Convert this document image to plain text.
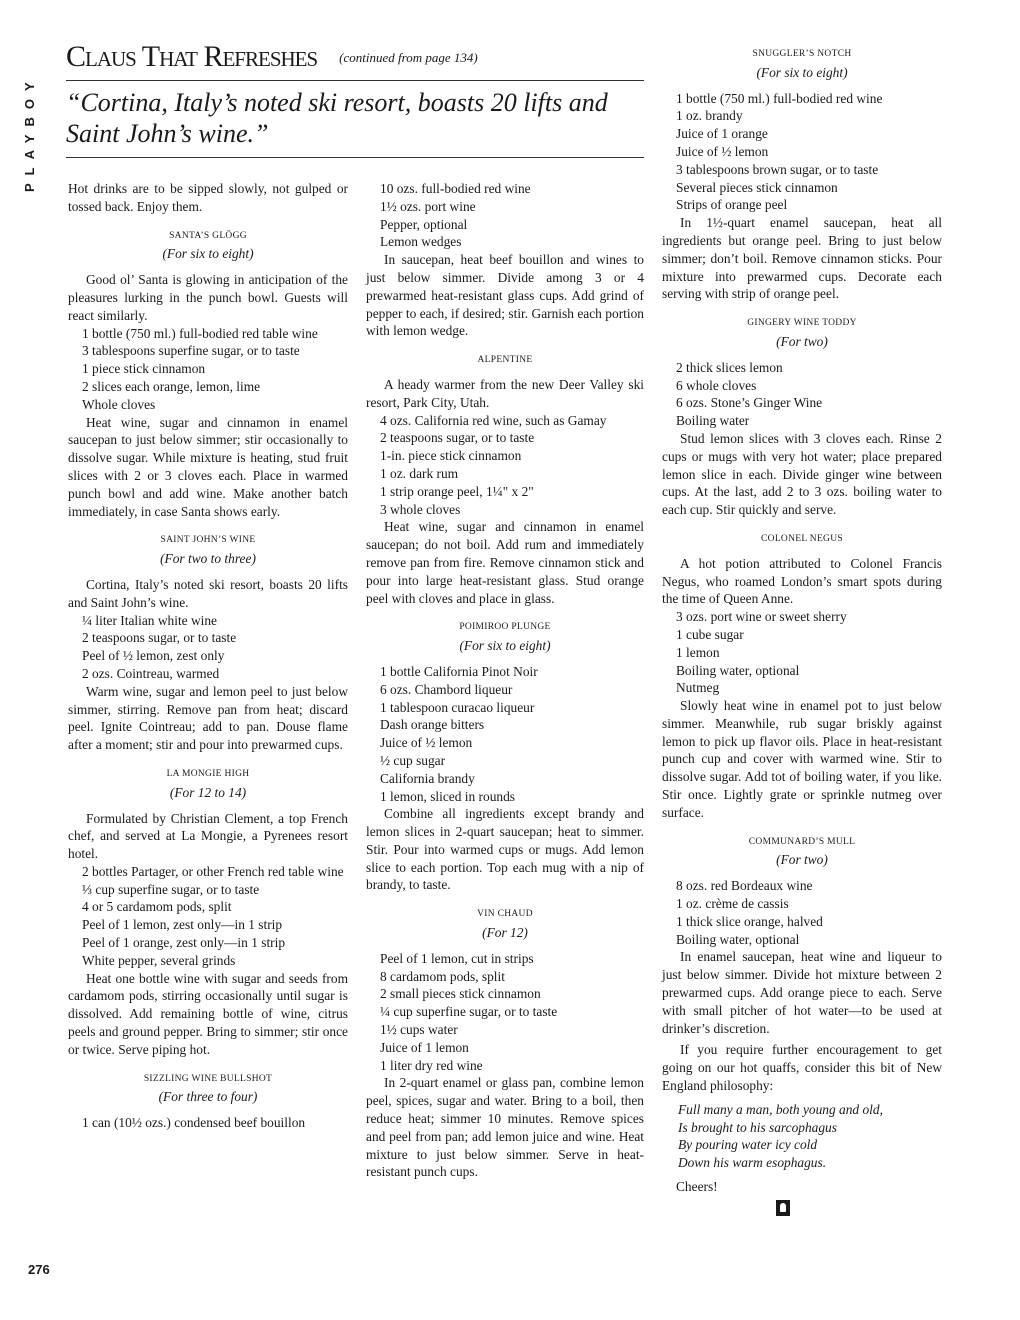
PLAYBOY
Claus That Refreshes (continued from page 134)

“Cortina, Italy’s noted ski resort, boasts 20 lifts and Saint John’s wine.”

Hot drinks are to be sipped slowly, not gulped or tossed back. Enjoy them.

SANTA’S GLÖGG
(For six to eight)

Good ol’ Santa is glowing in anticipation of the pleasures lurking in the punch bowl. Guests will react similarly.

1 bottle (750 ml.) full-bodied red table wine

3 tablespoons superfine sugar, or to taste

1 piece stick cinnamon

2 slices each orange, lemon, lime

Whole cloves

Heat wine, sugar and cinnamon in enamel saucepan to just below simmer; stir occasionally to dissolve sugar. While mixture is heating, stud fruit slices with 2 or 3 cloves each. Place in warmed punch bowl and add wine. Make another batch immediately, in case Santa shows early.

SAINT JOHN’S WINE
(For two to three)

Cortina, Italy’s noted ski resort, boasts 20 lifts and Saint John’s wine.

¼ liter Italian white wine

2 teaspoons sugar, or to taste

Peel of ½ lemon, zest only

2 ozs. Cointreau, warmed

Warm wine, sugar and lemon peel to just below simmer, stirring. Remove pan from heat; discard peel. Ignite Cointreau; add to pan. Douse flame after a moment; stir and pour into prewarmed cups.

LA MONGIE HIGH
(For 12 to 14)

Formulated by Christian Clement, a top French chef, and served at La Mongie, a Pyrenees resort hotel.

2 bottles Partager, or other French red table wine

⅓ cup superfine sugar, or to taste

4 or 5 cardamom pods, split

Peel of 1 lemon, zest only—in 1 strip

Peel of 1 orange, zest only—in 1 strip

White pepper, several grinds

Heat one bottle wine with sugar and seeds from cardamom pods, stirring occasionally until sugar is dissolved. Add remaining bottle of wine, citrus peels and ground pepper. Bring to simmer; stir once or twice. Serve piping hot.

SIZZLING WINE BULLSHOT
(For three to four)

1 can (10½ ozs.) condensed beef bouillon

10 ozs. full-bodied red wine

1½ ozs. port wine

Pepper, optional

Lemon wedges

In saucepan, heat beef bouillon and wines to just below simmer. Divide among 3 or 4 prewarmed heat-resistant glass cups. Add grind of pepper to each, if desired; stir. Garnish each portion with lemon wedge.

ALPENTINE

A heady warmer from the new Deer Valley ski resort, Park City, Utah.

4 ozs. California red wine, such as Gamay

2 teaspoons sugar, or to taste

1-in. piece stick cinnamon

1 oz. dark rum

1 strip orange peel, 1¼" x 2"

3 whole cloves

Heat wine, sugar and cinnamon in enamel saucepan; do not boil. Add rum and immediately remove pan from fire. Remove cinnamon stick and pour into large heat-resistant glass. Stud orange peel with cloves and place in glass.

POIMIROO PLUNGE
(For six to eight)

1 bottle California Pinot Noir

6 ozs. Chambord liqueur

1 tablespoon curacao liqueur

Dash orange bitters

Juice of ½ lemon

½ cup sugar

California brandy

1 lemon, sliced in rounds

Combine all ingredients except brandy and lemon slices in 2-quart saucepan; heat to simmer. Stir. Pour into warmed cups or mugs. Add lemon slice to each portion. Top each mug with a nip of brandy, to taste.

VIN CHAUD
(For 12)

Peel of 1 lemon, cut in strips

8 cardamom pods, split

2 small pieces stick cinnamon

¼ cup superfine sugar, or to taste

1½ cups water

Juice of 1 lemon

1 liter dry red wine

In 2-quart enamel or glass pan, combine lemon peel, spices, sugar and water. Bring to a boil, then reduce heat; simmer 10 minutes. Remove spices and peel from pan; add lemon juice and wine. Heat mixture to just below simmer. Serve in heat-resistant punch cups.

SNUGGLER’S NOTCH
(For six to eight)

1 bottle (750 ml.) full-bodied red wine

1 oz. brandy

Juice of 1 orange

Juice of ½ lemon

3 tablespoons brown sugar, or to taste

Several pieces stick cinnamon

Strips of orange peel

In 1½-quart enamel saucepan, heat all ingredients but orange peel. Bring to just below simmer; don’t boil. Remove cinnamon sticks. Pour mixture into prewarmed cups. Decorate each serving with strip of orange peel.

GINGERY WINE TODDY
(For two)

2 thick slices lemon

6 whole cloves

6 ozs. Stone’s Ginger Wine

Boiling water

Stud lemon slices with 3 cloves each. Rinse 2 cups or mugs with very hot water; place prepared lemon slice in each. Divide ginger wine between cups. At the last, add 2 to 3 ozs. boiling water to each cup. Stir quickly and serve.

COLONEL NEGUS

A hot potion attributed to Colonel Francis Negus, who roamed London’s smart spots during the time of Queen Anne.

3 ozs. port wine or sweet sherry

1 cube sugar

1 lemon

Boiling water, optional

Nutmeg

Slowly heat wine in enamel pot to just below simmer. Meanwhile, rub sugar briskly against lemon to pick up flavor oils. Place in heat-resistant punch cup and cover with warmed wine. Stir to dissolve sugar. Add tot of boiling water, if you like. Stir once. Lightly grate or sprinkle nutmeg over surface.

COMMUNARD’S MULL
(For two)

8 ozs. red Bordeaux wine

1 oz. crème de cassis

1 thick slice orange, halved

Boiling water, optional

In enamel saucepan, heat wine and liqueur to just below simmer. Divide hot mixture between 2 prewarmed cups. Add orange piece to each. Serve with small pitcher of hot water—to be used at drinker’s discretion.

If you require further encouragement to get going on our hot quaffs, consider this bit of New England philosophy:

Full many a man, both young and old,
Is brought to his sarcophagus
By pouring water icy cold
Down his warm esophagus.

Cheers!

276
